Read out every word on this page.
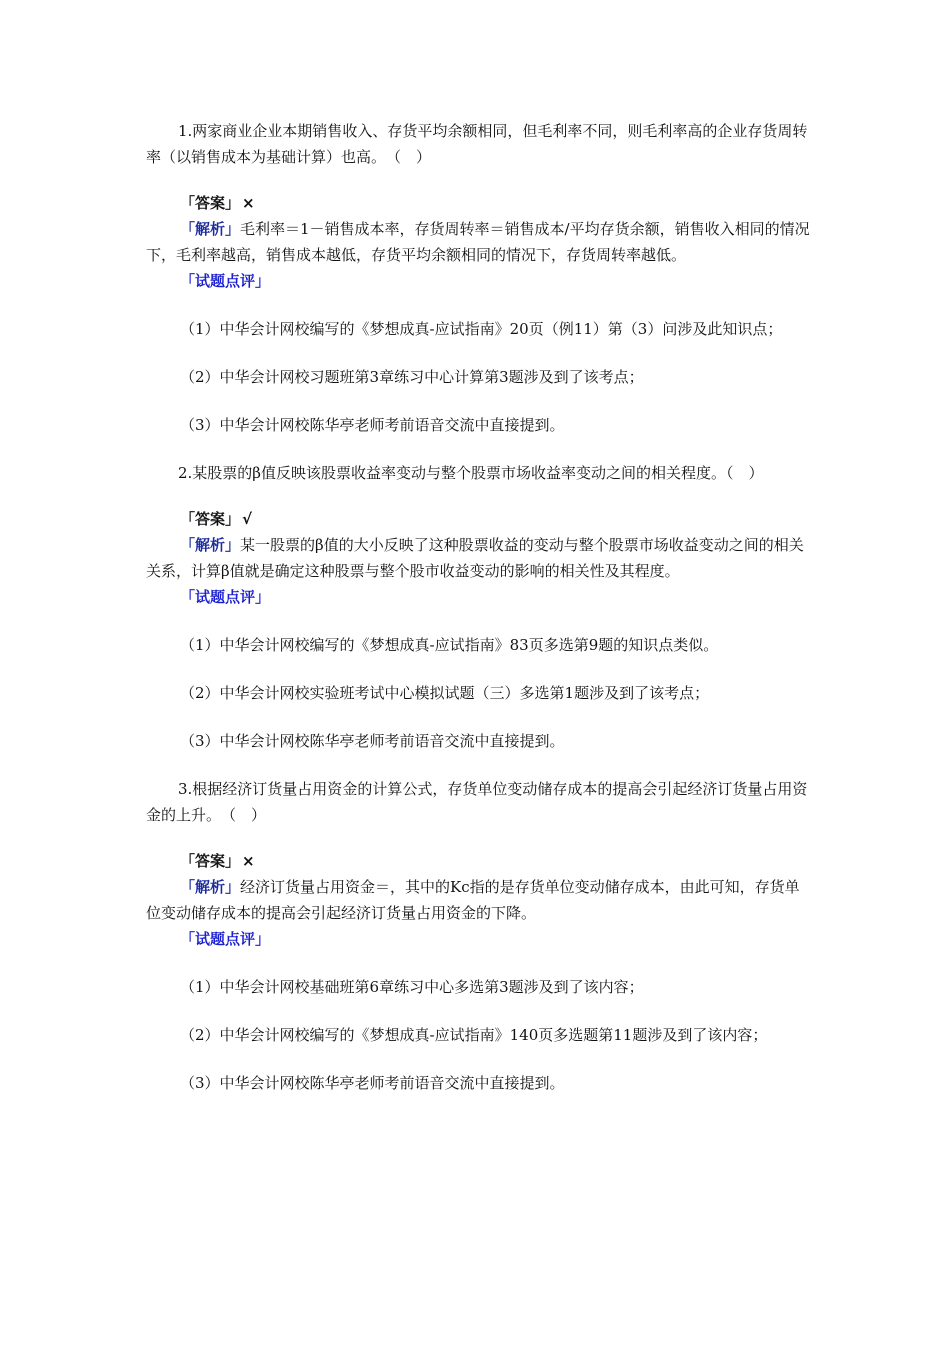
1.两家商业企业本期销售收入、存货平均余额相同，但毛利率不同，则毛利率高的企业存货周转率（以销售成本为基础计算）也高。　（　）

「答案」 ×

「解析」毛利率＝1－销售成本率，存货周转率＝销售成本/平均存货余额，销售收入相同的情况下，毛利率越高，销售成本越低，存货平均余额相同的情况下，存货周转率越低。

「试题点评」

（1）中华会计网校编写的《梦想成真-应试指南》20页（例11）第（3）问涉及此知识点；

（2）中华会计网校习题班第3章练习中心计算第3题涉及到了该考点；

（3）中华会计网校陈华亭老师考前语音交流中直接提到。

2.某股票的β值反映该股票收益率变动与整个股票市场收益率变动之间的相关程度。（　）

「答案」 √

「解析」某一股票的β值的大小反映了这种股票收益的变动与整个股票市场收益变动之间的相关关系，计算β值就是确定这种股票与整个股市收益变动的影响的相关性及其程度。

「试题点评」

（1）中华会计网校编写的《梦想成真-应试指南》83页多选第9题的知识点类似。

（2）中华会计网校实验班考试中心模拟试题（三）多选第1题涉及到了该考点；

（3）中华会计网校陈华亭老师考前语音交流中直接提到。

3.根据经济订货量占用资金的计算公式，存货单位变动储存成本的提高会引起经济订货量占用资金的上升。　（　）

「答案」 ×

「解析」经济订货量占用资金＝，其中的Kc指的是存货单位变动储存成本，由此可知，存货单位变动储存成本的提高会引起经济订货量占用资金的下降。

「试题点评」

（1）中华会计网校基础班第6章练习中心多选第3题涉及到了该内容；

（2）中华会计网校编写的《梦想成真-应试指南》140页多选题第11题涉及到了该内容；

（3）中华会计网校陈华亭老师考前语音交流中直接提到。
